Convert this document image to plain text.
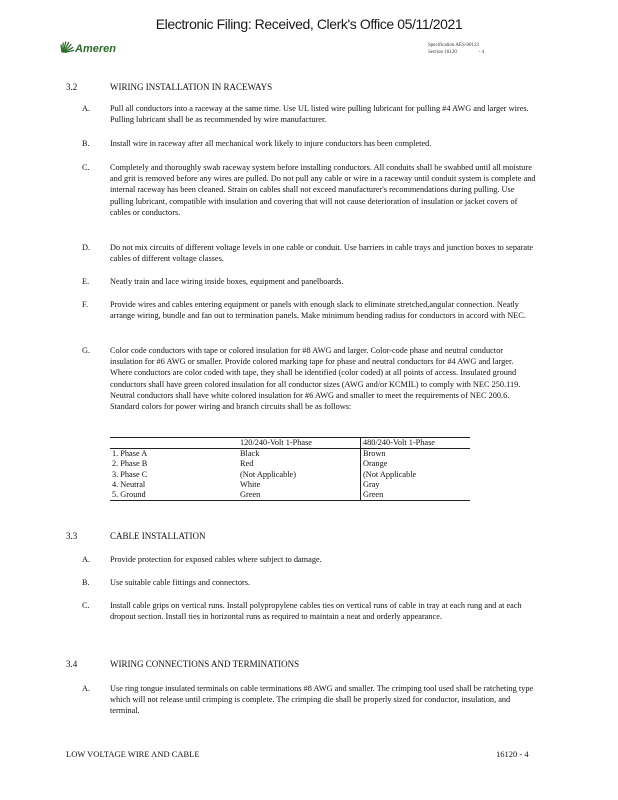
Electronic Filing: Received, Clerk's Office 05/11/2021
Ameren	Specification AES-00123
Section 16120	- 4
3.2	WIRING INSTALLATION IN RACEWAYS
A. Pull all conductors into a raceway at the same time. Use UL listed wire pulling lubricant for pulling #4 AWG and larger wires. Pulling lubricant shall be as recommended by wire manufacturer.
B. Install wire in raceway after all mechanical work likely to injure conductors has been completed.
C. Completely and thoroughly swab raceway system before installing conductors. All conduits shall be swabbed until all moisture and grit is removed before any wires are pulled. Do not pull any cable or wire in a raceway until conduit system is complete and internal raceway has been cleaned. Strain on cables shall not exceed manufacturer's recommendations during pulling. Use pulling lubricant, compatible with insulation and covering that will not cause deterioration of insulation or jacket covers of cables or conductors.
D. Do not mix circuits of different voltage levels in one cable or conduit. Use barriers in cable trays and junction boxes to separate cables of different voltage classes.
E.	Neatly train and lace wiring inside boxes, equipment and panelboards.
F.	Provide wires and cables entering equipment or panels with enough slack to eliminate stretched,angular connection. Neatly arrange wiring, bundle and fan out to termination panels. Make minimum bending radius for conductors in accord with NEC.
G. Color code conductors with tape or colored insulation for #8 AWG and larger. Color-code phase and neutral conductor insulation for #6 AWG or smaller. Provide colored marking tape for phase and neutral conductors for #4 AWG and larger. Where conductors are color coded with tape, they shall be identified (color coded) at all points of access. Insulated ground conductors shall have green colored insulation for all conductor sizes (AWG and/or KCMIL) to comply with NEC 250.119. Neutral conductors shall have white colored insulation for #6 AWG and smaller to meet the requirements of NEC 200.6. Standard colors for power wiring and branch circuits shall be as follows:
	120/240-Volt 1-Phase	480/240-Volt 1-Phase
1. Phase A	Black	Brown
2. Phase B	Red	Orange
3. Phase C	(Not Applicable)	(Not Applicable
4. Neutral	White	Gray
5. Ground	Green	Green
3.3	CABLE INSTALLATION
A. Provide protection for exposed cables where subject to damage.
B. Use suitable cable fittings and connectors.
C. Install cable grips on vertical runs. Install polypropylene cables ties on vertical runs of cable in tray at each rung and at each dropout section. Install ties in horizontal runs as required to maintain a neat and orderly appearance.
3.4	WIRING CONNECTIONS AND TERMINATIONS
A. Use ring tongue insulated terminals on cable terminations #8 AWG and smaller. The crimping tool used shall be ratcheting type which will not release until crimping is complete. The crimping die shall be properly sized for conductor, insulation, and terminal.
LOW VOLTAGE WIRE AND CABLE	16120 - 4
